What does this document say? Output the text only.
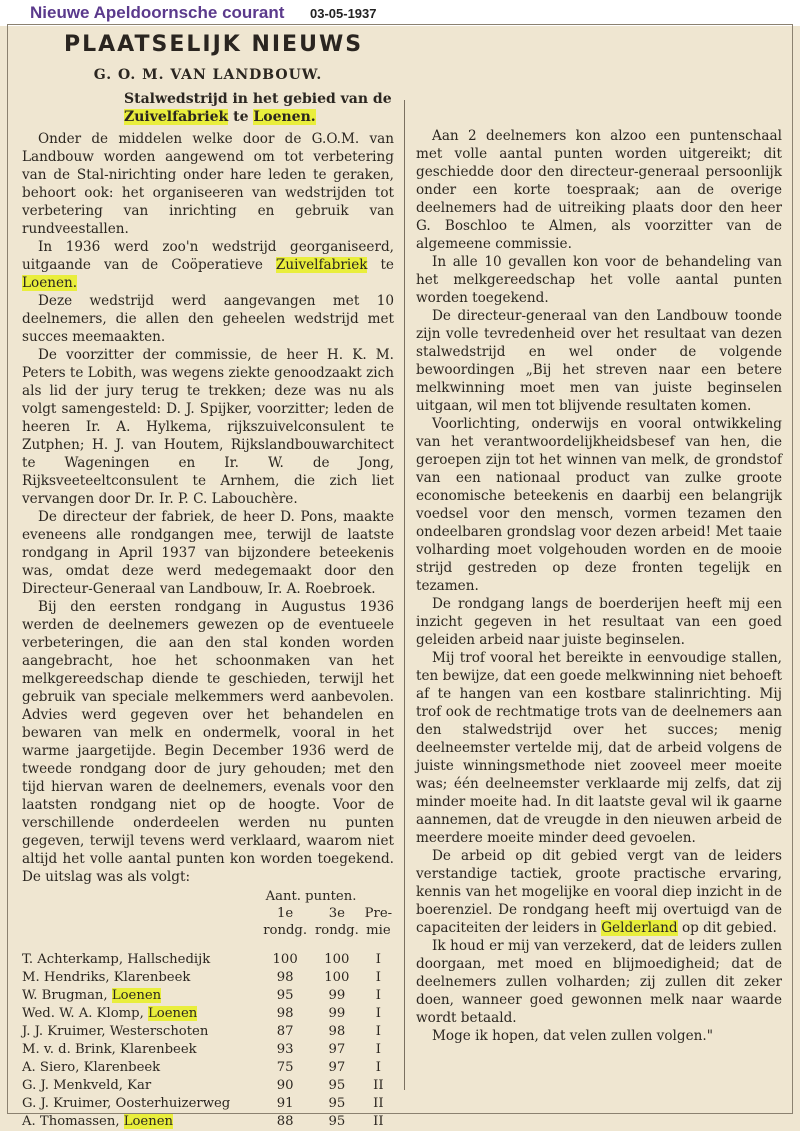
Nieuwe Apeldoornsche courant 03-05-1937
PLAATSELIJK NIEUWS
G. O. M. VAN LANDBOUW.
Stalwedstrijd in het gebied van de
Zuivelfabriek te Loenen.

Onder de middelen welke door de G.O.M. van Landbouw worden aangewend om tot verbetering van de Stal-nirichting onder hare leden te geraken, behoort ook: het organiseeren van wedstrijden tot verbetering van inrichting en gebruik van rundveestallen.

In 1936 werd zoo'n wedstrijd georganiseerd, uitgaande van de Coöperatieve Zuivelfabriek te Loenen.

Deze wedstrijd werd aangevangen met 10 deelnemers, die allen den geheelen wedstrijd met succes meemaakten.

De voorzitter der commissie, de heer H. K. M. Peters te Lobith, was wegens ziekte genoodzaakt zich als lid der jury terug te trekken; deze was nu als volgt samengesteld: D. J. Spijker, voorzitter; leden de heeren Ir. A. Hylkema, rijkszuivelconsulent te Zutphen; H. J. van Houtem, Rijkslandbouwarchitect te Wageningen en Ir. W. de Jong, Rijksveeteeltconsulent te Arnhem, die zich liet vervangen door Dr. Ir. P. C. Labouchère.

De directeur der fabriek, de heer D. Pons, maakte eveneens alle rondgangen mee, terwijl de laatste rondgang in April 1937 van bijzondere beteekenis was, omdat deze werd medegemaakt door den Directeur-Generaal van Landbouw, Ir. A. Roebroek.

Bij den eersten rondgang in Augustus 1936 werden de deelnemers gewezen op de eventueele verbeteringen, die aan den stal konden worden aangebracht, hoe het schoonmaken van het melkgereedschap diende te geschieden, terwijl het gebruik van speciale melkemmers werd aanbevolen. Advies werd gegeven over het behandelen en bewaren van melk en ondermelk, vooral in het warme jaargetijde. Begin December 1936 werd de tweede rondgang door de jury gehouden; met den tijd hiervan waren de deelnemers, evenals voor den laatsten rondgang niet op de hoogte. Voor de verschillende onderdeelen werden nu punten gegeven, terwijl tevens werd verklaard, waarom niet altijd het volle aantal punten kon worden toegekend. De uitslag was als volgt:

	Aant. punten.		
	1e	3e	Pre-
	rondg.	rondg.	mie

T. Achterkamp, Hallschedijk	100	100	I
M. Hendriks, Klarenbeek	98	100	I
W. Brugman, Loenen	95	99	I
Wed. W. A. Klomp, Loenen	98	99	I
J. J. Kruimer, Westerschoten	87	98	I
M. v. d. Brink, Klarenbeek	93	97	I
A. Siero, Klarenbeek	75	97	I
G. J. Menkveld, Kar	90	95	II
G. J. Kruimer, Oosterhuizerweg	91	95	II
A. Thomassen, Loenen	88	95	II

Aan 2 deelnemers kon alzoo een puntenschaal met volle aantal punten worden uitgereikt; dit geschiedde door den directeur-generaal persoonlijk onder een korte toespraak; aan de overige deelnemers had de uitreiking plaats door den heer G. Boschloo te Almen, als voorzitter van de algemeene commissie.

In alle 10 gevallen kon voor de behandeling van het melkgereedschap het volle aantal punten worden toegekend.

De directeur-generaal van den Landbouw toonde zijn volle tevredenheid over het resultaat van dezen stalwedstrijd en wel onder de volgende bewoordingen „Bij het streven naar een betere melkwinning moet men van juiste beginselen uitgaan, wil men tot blijvende resultaten komen.

Voorlichting, onderwijs en vooral ontwikkeling van het verantwoordelijkheidsbesef van hen, die geroepen zijn tot het winnen van melk, de grondstof van een nationaal product van zulke groote economische beteekenis en daarbij een belangrijk voedsel voor den mensch, vormen tezamen den ondeelbaren grondslag voor dezen arbeid! Met taaie volharding moet volgehouden worden en de mooie strijd gestreden op deze fronten tegelijk en tezamen.

De rondgang langs de boerderijen heeft mij een inzicht gegeven in het resultaat van een goed geleiden arbeid naar juiste beginselen.

Mij trof vooral het bereikte in eenvoudige stallen, ten bewijze, dat een goede melkwinning niet behoeft af te hangen van een kostbare stalinrichting. Mij trof ook de rechtmatige trots van de deelnemers aan den stalwedstrijd over het succes; menig deelneemster vertelde mij, dat de arbeid volgens de juiste winningsmethode niet zooveel meer moeite was; één deelneemster verklaarde mij zelfs, dat zij minder moeite had. In dit laatste geval wil ik gaarne aannemen, dat de vreugde in den nieuwen arbeid de meerdere moeite minder deed gevoelen.

De arbeid op dit gebied vergt van de leiders verstandige tactiek, groote practische ervaring, kennis van het mogelijke en vooral diep inzicht in de boerenziel. De rondgang heeft mij overtuigd van de capaciteiten der leiders in Gelderland op dit gebied.

Ik houd er mij van verzekerd, dat de leiders zullen doorgaan, met moed en blijmoedigheid; dat de deelnemers zullen volharden; zij zullen dit zeker doen, wanneer goed gewonnen melk naar waarde wordt betaald.

Moge ik hopen, dat velen zullen volgen."
